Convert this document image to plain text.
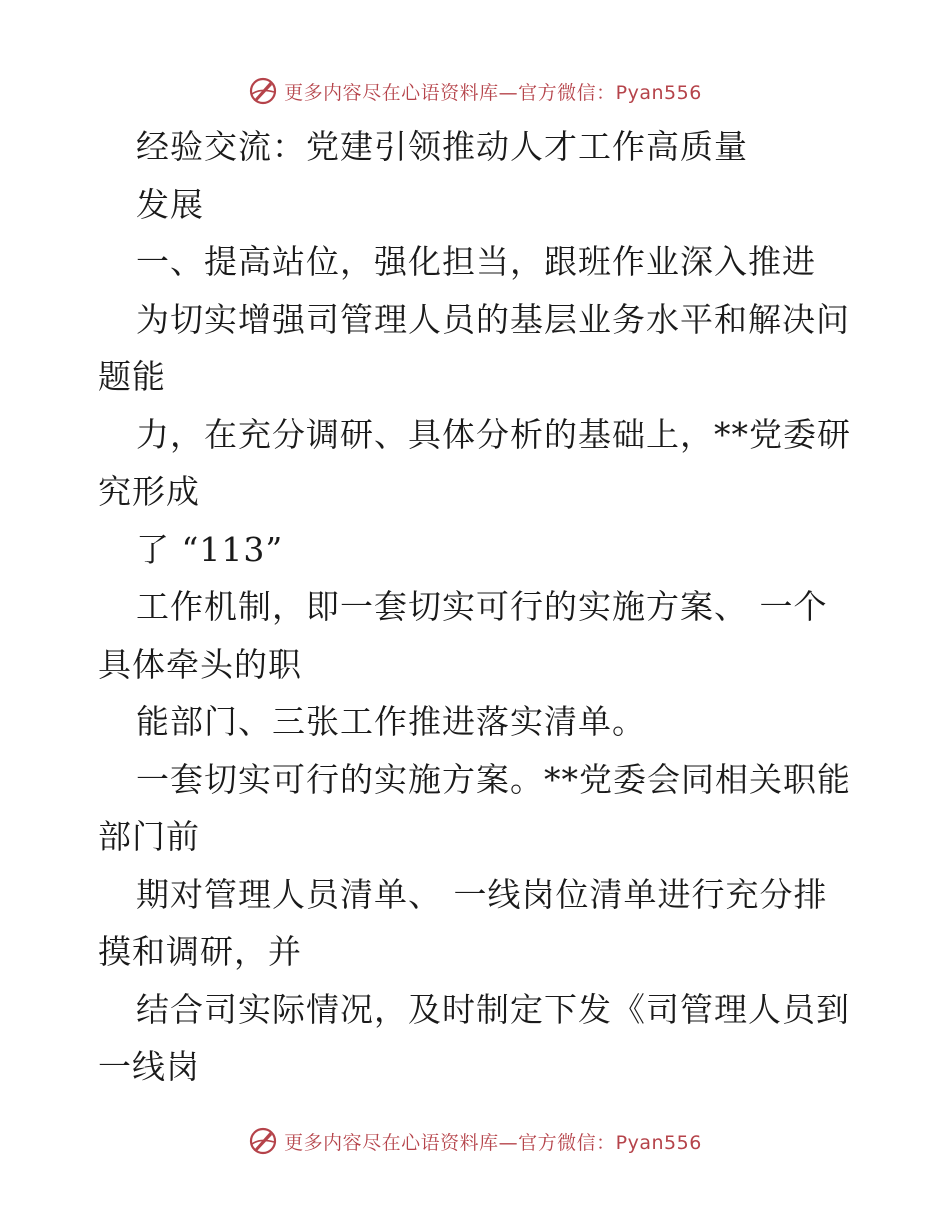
更多内容尽在心语资料库—官方微信：Pyan556
经验交流：党建引领推动人才工作高质量
发展
一、提高站位，强化担当，跟班作业深入推进
为切实增强司管理人员的基层业务水平和解决问
题能
力，在充分调研、具体分析的基础上，**党委研
究形成
了 “113”
工作机制，即一套切实可行的实施方案、 一个
具体牵头的职
能部门、三张工作推进落实清单。
一套切实可行的实施方案。**党委会同相关职能
部门前
期对管理人员清单、 一线岗位清单进行充分排
摸和调研，并
结合司实际情况，及时制定下发《司管理人员到
一线岗
更多内容尽在心语资料库—官方微信：Pyan556
